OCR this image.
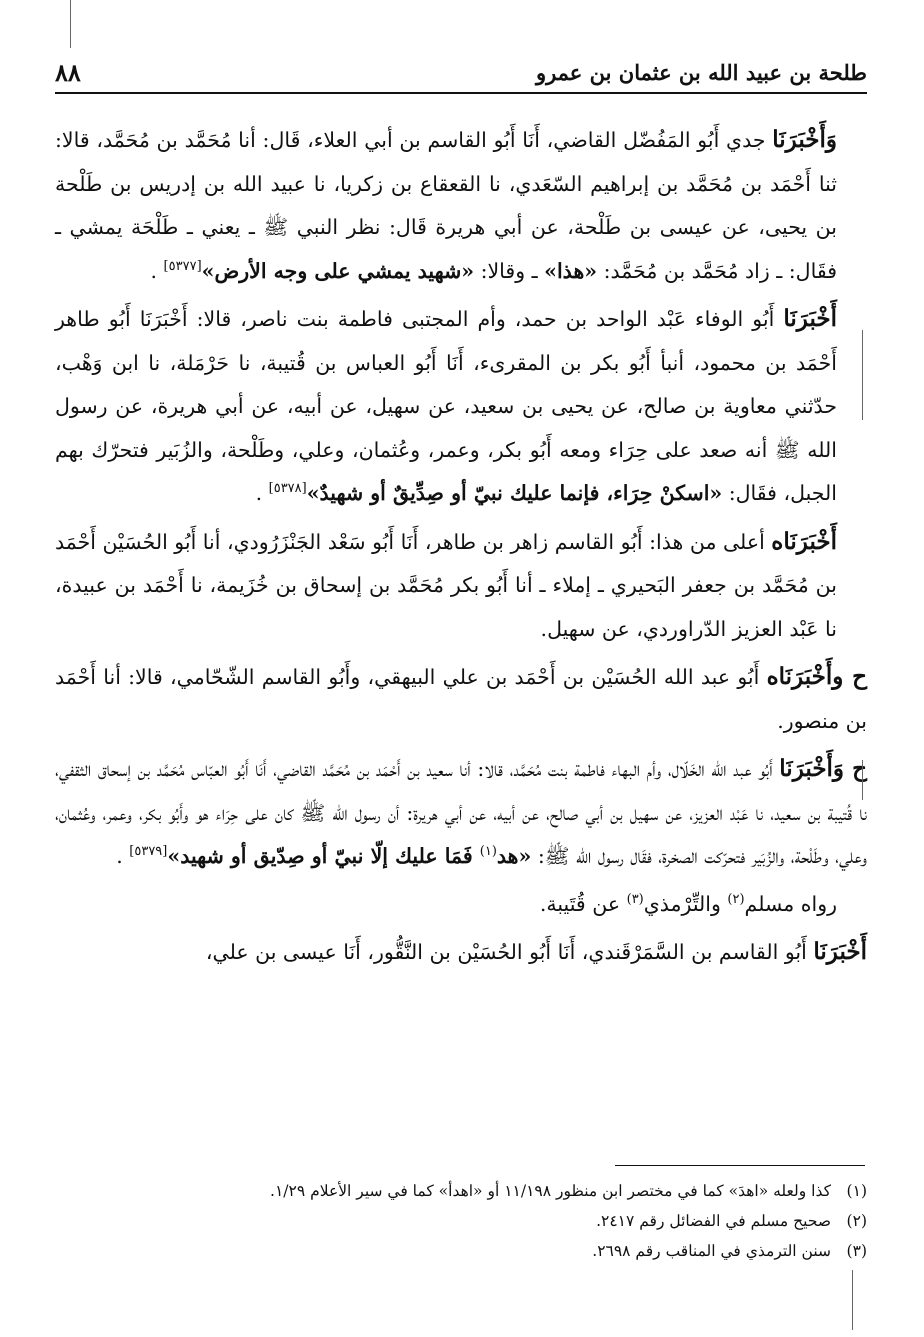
طلحة بن عبيد الله بن عثمان بن عمرو
٨٨

وَأَخْبَرَنَا جدي أَبُو المَفُضّل القاضي، أَنَا أَبُو القاسم بن أبي العلاء، قَال: أنا مُحَمَّد بن مُحَمَّد، قالا: ثنا أَحْمَد بن مُحَمَّد بن إبراهيم السّعَدي، نا القعقاع بن زكريا، نا عبيد الله بن إدريس بن طَلْحة بن يحيى، عن عيسى بن طَلْحة، عن أبي هريرة قَال: نظر النبي ﷺ ـ يعني ـ طَلْحَة يمشي ـ فقَال: ـ زاد مُحَمَّد بن مُحَمَّد: «هذا» ـ وقالا: «شهيد يمشي على وجه الأرض»[٥٣٧٧] .

أَخْبَرَنَا أَبُو الوفاء عَبْد الواحد بن حمد، وأم المجتبى فاطمة بنت ناصر، قالا: أَخْبَرَنَا أَبُو طاهر أَحْمَد بن محمود، أنبأ أَبُو بكر بن المقرىء، أَنَا أَبُو العباس بن قُتيبة، نا حَرْمَلة، نا ابن وَهْب، حدّثني معاوية بن صالح، عن يحيى بن سعيد، عن سهيل، عن أبيه، عن أبي هريرة، عن رسول الله ﷺ أنه صعد على حِرَاء ومعه أَبُو بكر، وعمر، وعُثمان، وعلي، وطَلْحة، والزُبَير فتحرّك بهم الجبل، فقَال: «اسكنْ حِرَاء، فإنما عليك نبيّ أو صِدِّيقٌ أو شهيدٌ»[٥٣٧٨] .

أَخْبَرَنَاه أعلى من هذا: أَبُو القاسم زاهر بن طاهر، أَنَا أَبُو سَعْد الجَنْزَرُودي، أنا أَبُو الحُسَيْن أَحْمَد بن مُحَمَّد بن جعفر البَحيري ـ إملاء ـ أنا أَبُو بكر مُحَمَّد بن إسحاق بن خُزَيمة، نا أَحْمَد بن عبيدة، نا عَبْد العزيز الدّراوردي، عن سهيل.

ح وأَخْبَرَنَاه أَبُو عبد الله الحُسَيْن بن أَحْمَد بن علي البيهقي، وأَبُو القاسم الشّحّامي، قالا: أنا أَحْمَد بن منصور.

ح وَأَخْبَرَنَا أَبُو عبد الله الخَلّال، وأم البهاء فاطمة بنت مُحَمَّد، قالا: أنا سعيد بن أَحْمَد بن مُحَمَّد القاضي، أَنَا أَبُو العبّاس مُحَمَّد بن إسحاق الثقفي، نا قُتيبة بن سعيد، نا عَبْد العزيز، عن سهيل بن أبي صالح، عن أبيه، عن أبي هريرة: أن رسول الله ﷺ كان على حِرَاء هو وأَبُو بكر، وعمر، وعُثمان، وعلي، وطَلْحة، والزُبَير فتحرّكت الصخرة، فقَال رسول الله ﷺ: «هد$^{(١)}$ فَمَا عليك إلّا نبيّ أو صِدّيق أو شهيد»[٥٣٧٩] .

رواه مسلم$^{(٢)}$ والتِّرْمذي$^{(٣)}$ عن قُتَيبة.

أَخْبَرَنَا أَبُو القاسم بن السَّمَرْقَندي، أَنَا أَبُو الحُسَيْن بن النَّقُّور، أَنَا عيسى بن علي،

(١)كذا ولعله «اهدَ» كما في مختصر ابن منظور ١١/١٩٨ أو «اهدأ» كما في سير الأعلام ١/٢٩.
(٢)صحيح مسلم في الفضائل رقم ٢٤١٧.
(٣)سنن الترمذي في المناقب رقم ٢٦٩٨.
